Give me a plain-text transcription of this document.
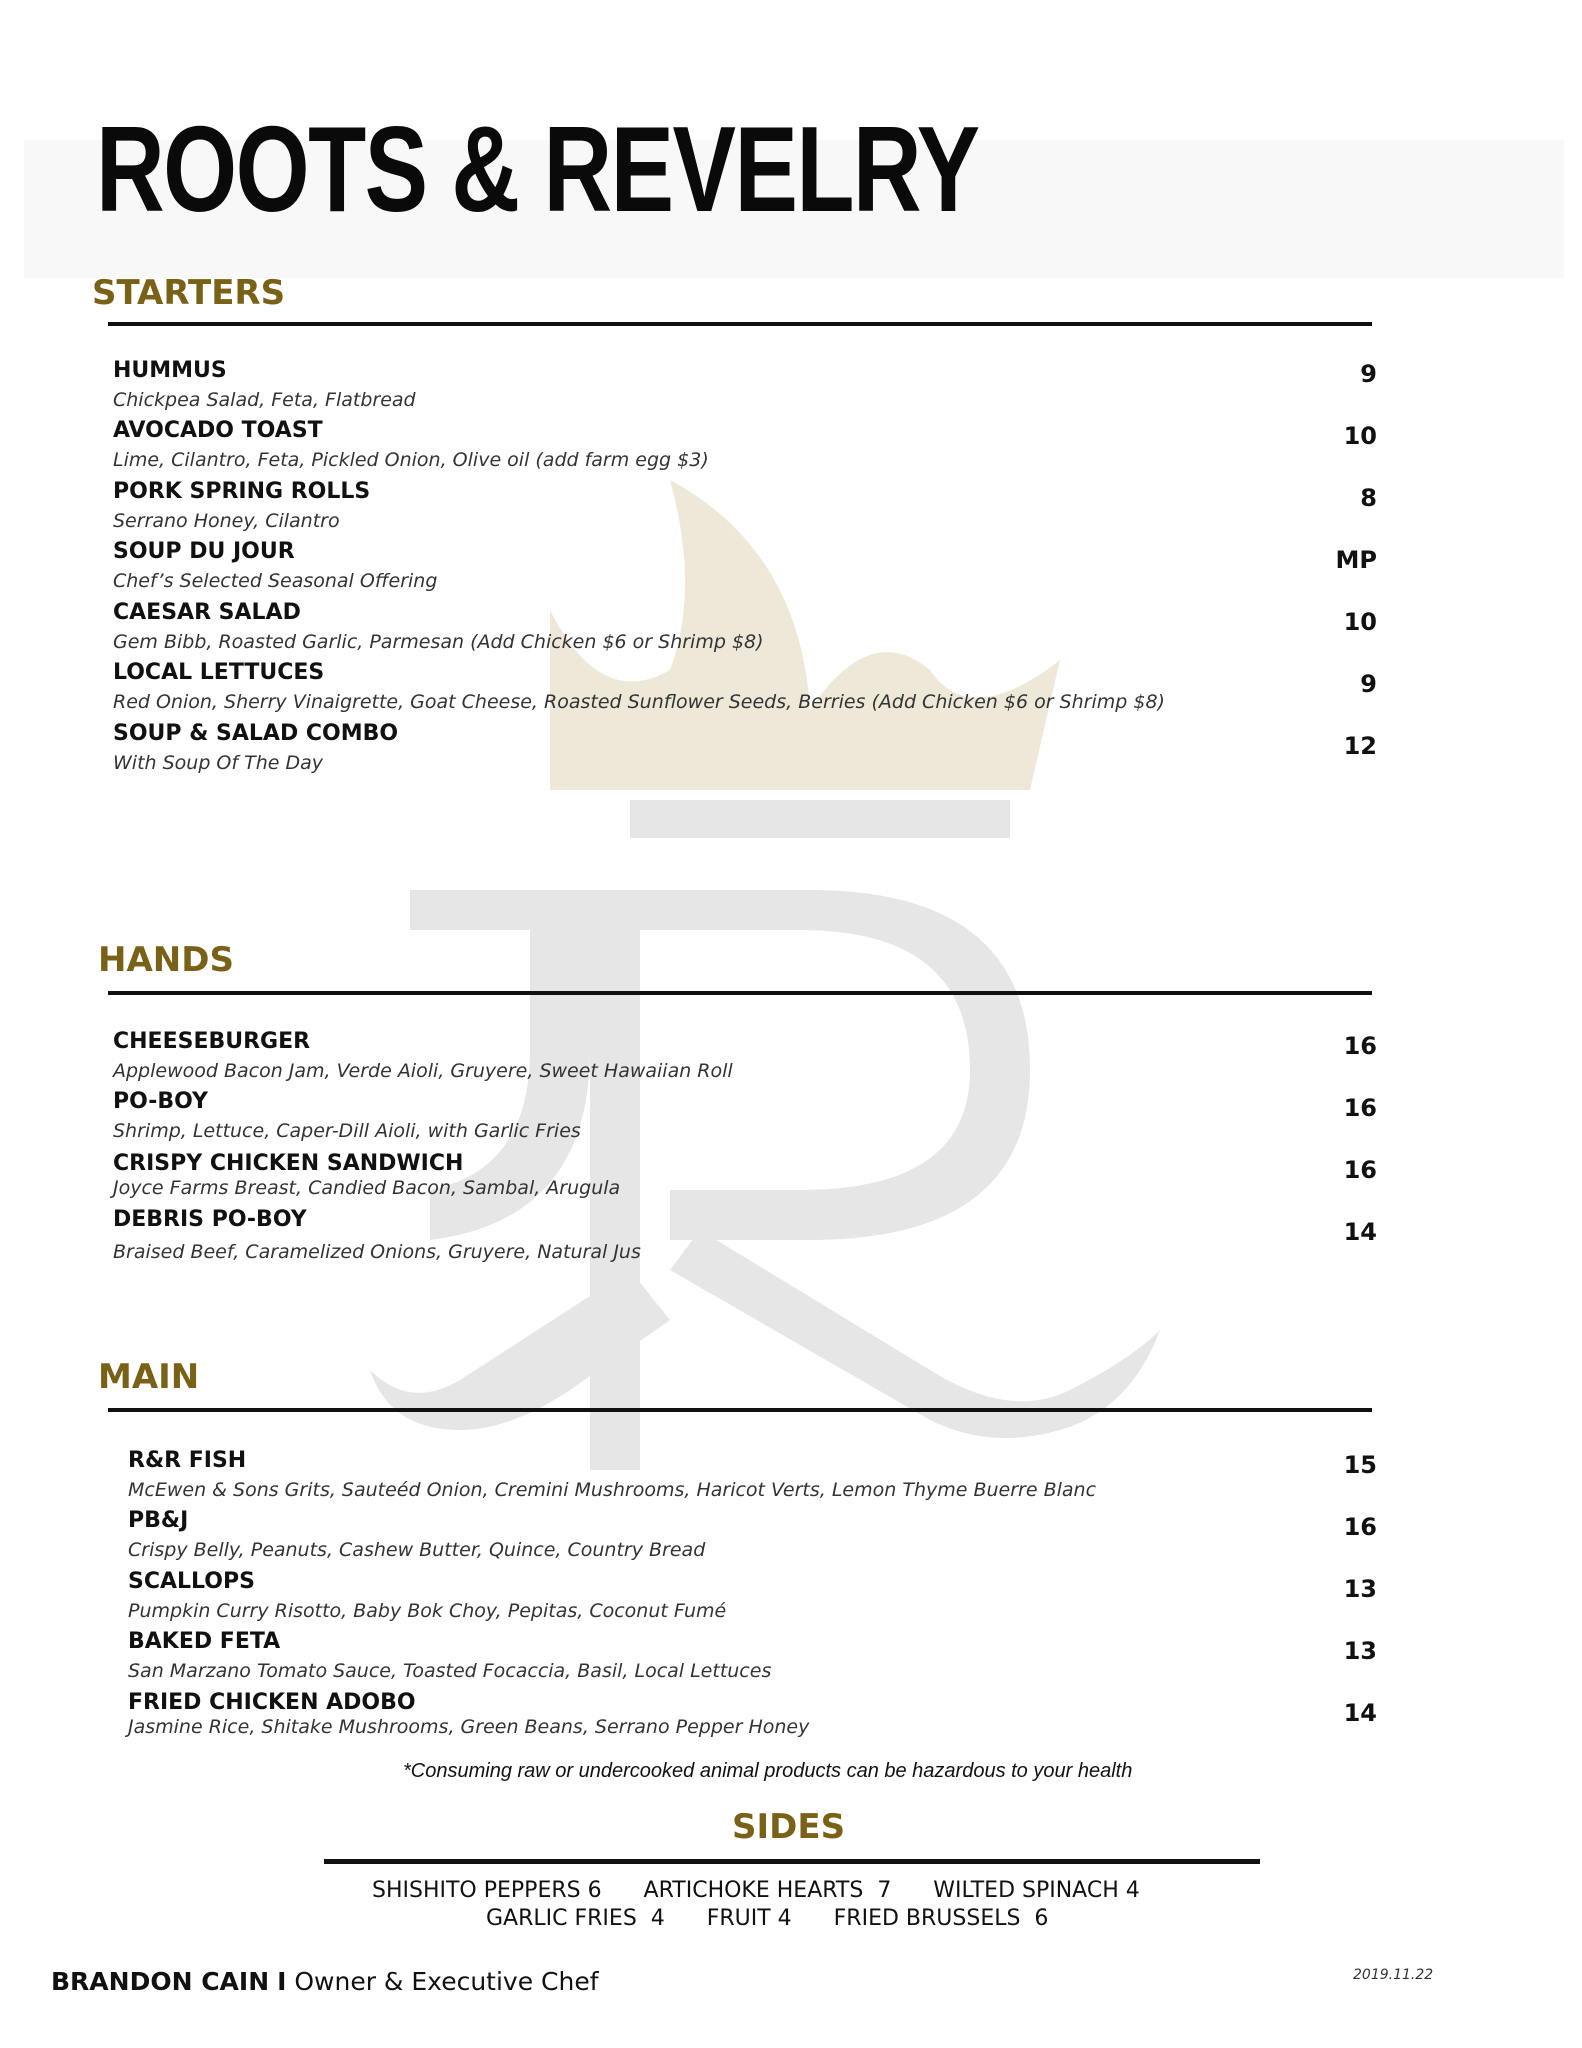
ROOTS & REVELRY
STARTERS
HUMMUS
Chickpea Salad, Feta, Flatbread
9
AVOCADO TOAST
Lime, Cilantro, Feta, Pickled Onion, Olive oil (add farm egg $3)
10
PORK SPRING ROLLS
Serrano Honey, Cilantro
8
SOUP DU JOUR
Chef’s Selected Seasonal Offering
MP
CAESAR SALAD
Gem Bibb, Roasted Garlic, Parmesan (Add Chicken $6 or Shrimp $8)
10
LOCAL LETTUCES
Red Onion, Sherry Vinaigrette, Goat Cheese, Roasted Sunflower Seeds, Berries (Add Chicken $6 or Shrimp $8)
9
SOUP & SALAD COMBO
With Soup Of The Day
12
HANDS
CHEESEBURGER
Applewood Bacon Jam, Verde Aioli, Gruyere, Sweet Hawaiian Roll
16
PO-BOY
Shrimp, Lettuce, Caper-Dill Aioli, with Garlic Fries
16
CRISPY CHICKEN SANDWICH
Joyce Farms Breast, Candied Bacon, Sambal, Arugula
16
DEBRIS PO-BOY
Braised Beef, Caramelized Onions, Gruyere, Natural Jus
14
MAIN
R&R FISH
McEwen & Sons Grits, Sauteéd Onion, Cremini Mushrooms, Haricot Verts, Lemon Thyme Buerre Blanc
15
PB&J
Crispy Belly, Peanuts, Cashew Butter, Quince, Country Bread
16
SCALLOPS
Pumpkin Curry Risotto, Baby Bok Choy, Pepitas, Coconut Fumé
13
BAKED FETA
San Marzano Tomato Sauce, Toasted Focaccia, Basil, Local Lettuces
13
FRIED CHICKEN ADOBO
Jasmine Rice, Shitake Mushrooms, Green Beans, Serrano Pepper Honey	14
*Consuming raw or undercooked animal products can be hazardous to your health
SIDES
SHISHITO PEPPERS 6      ARTICHOKE HEARTS  7      WILTED SPINACH 4
GARLIC FRIES  4      FRUIT 4      FRIED BRUSSELS  6
BRANDON CAIN I Owner & Executive Chef	2019.11.22
